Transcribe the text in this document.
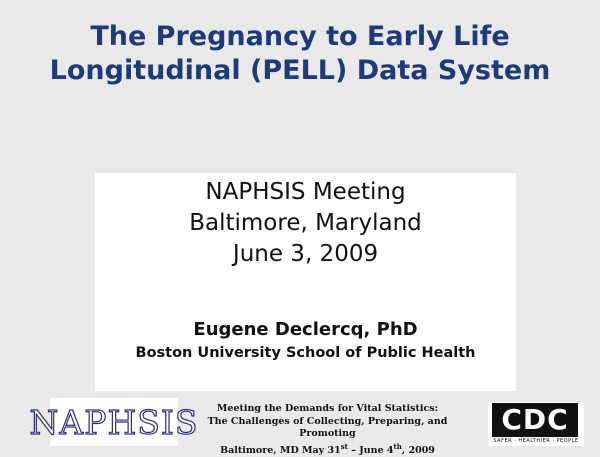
The Pregnancy to Early Life Longitudinal (PELL) Data System
NAPHSIS Meeting
Baltimore, Maryland
June 3, 2009
Eugene Declercq, PhD
Boston University School of Public Health
NAPHSIS	Meeting the Demands for Vital Statistics:
The Challenges of Collecting, Preparing, and Promoting
Baltimore, MD May 31st – June 4th, 2009
CDC
SAFER · HEALTHIER · PEOPLE
